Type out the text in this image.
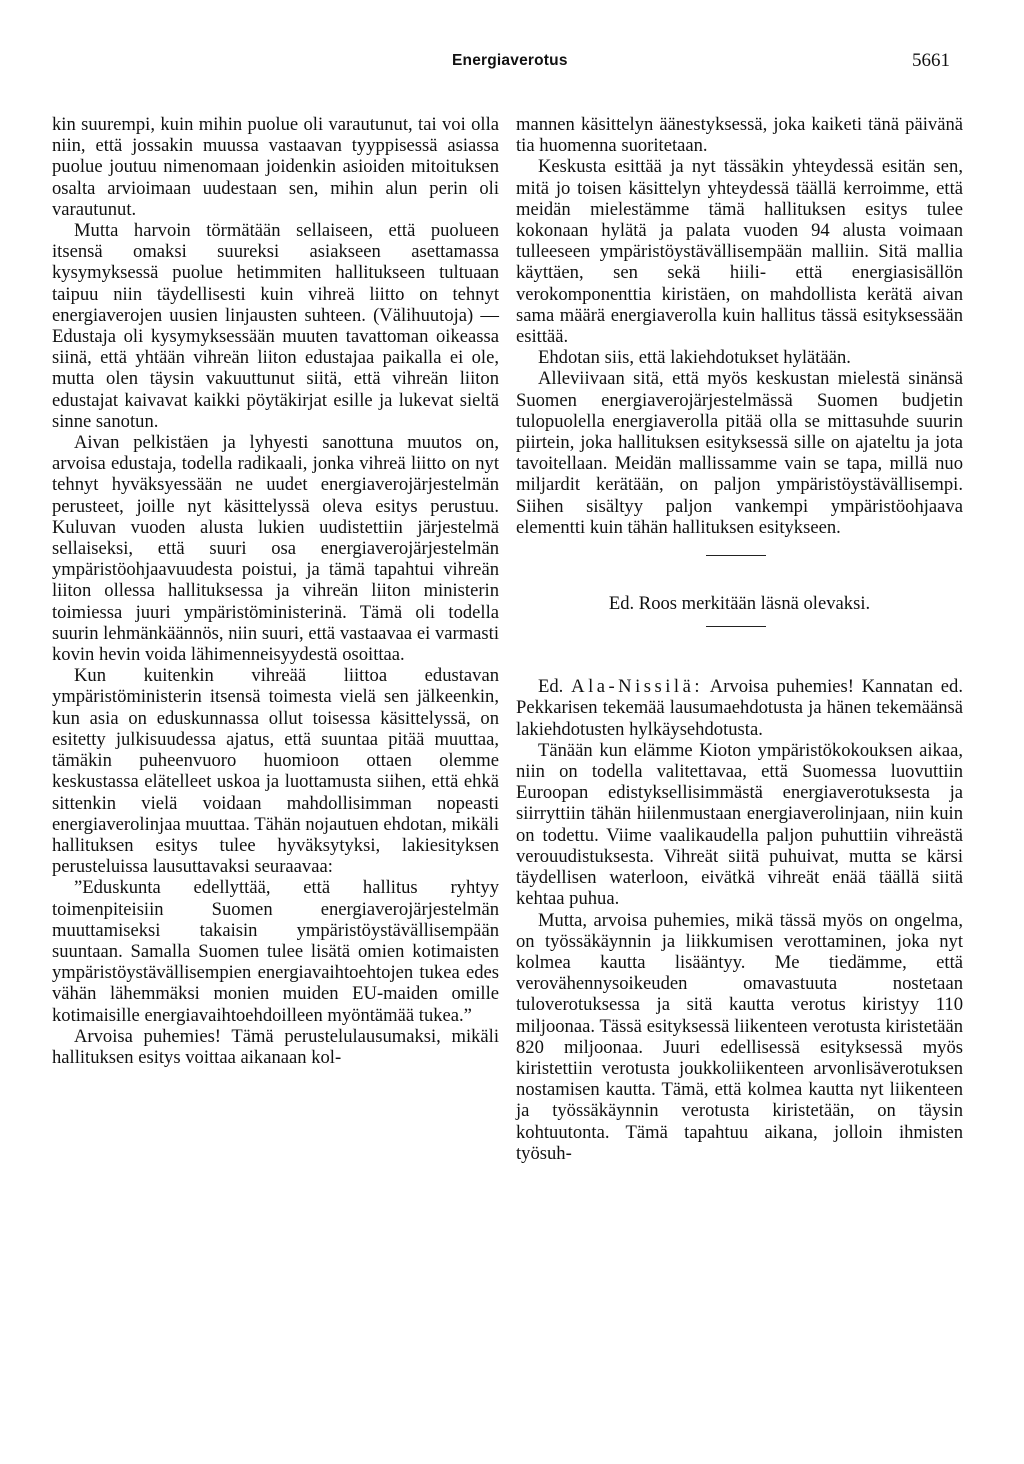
Energiaverotus	5661

kin suurempi, kuin mihin puolue oli varautunut, tai voi olla niin, että jossakin muussa vastaavan tyyppisessä asiassa puolue joutuu nimenomaan joidenkin asioiden mitoituksen osalta arvioimaan uudestaan sen, mihin alun perin oli varautunut.

Mutta harvoin törmätään sellaiseen, että puolueen itsensä omaksi suureksi asiakseen asettamassa kysymyksessä puolue hetimmiten hallitukseen tultuaan taipuu niin täydellisesti kuin vihreä liitto on tehnyt energiaverojen uusien linjausten suhteen. (Välihuutoja) — Edustaja oli kysymyksessään muuten tavattoman oikeassa siinä, että yhtään vihreän liiton edustajaa paikalla ei ole, mutta olen täysin vakuuttunut siitä, että vihreän liiton edustajat kaivavat kaikki pöytäkirjat esille ja lukevat sieltä sinne sanotun.

Aivan pelkistäen ja lyhyesti sanottuna muutos on, arvoisa edustaja, todella radikaali, jonka vihreä liitto on nyt tehnyt hyväksyessään ne uudet energiaverojärjestelmän perusteet, joille nyt käsittelyssä oleva esitys perustuu. Kuluvan vuoden alusta lukien uudistettiin järjestelmä sellaiseksi, että suuri osa energiaverojärjestelmän ympäristöohjaavuudesta poistui, ja tämä tapahtui vihreän liiton ollessa hallituksessa ja vihreän liiton ministerin toimiessa juuri ympäristöministerinä. Tämä oli todella suurin lehmänkäännös, niin suuri, että vastaavaa ei varmasti kovin hevin voida lähimenneisyydestä osoittaa.

Kun kuitenkin vihreää liittoa edustavan ympäristöministerin itsensä toimesta vielä sen jälkeenkin, kun asia on eduskunnassa ollut toisessa käsittelyssä, on esitetty julkisuudessa ajatus, että suuntaa pitää muuttaa, tämäkin puheenvuoro huomioon ottaen olemme keskustassa elätelleet uskoa ja luottamusta siihen, että ehkä sittenkin vielä voidaan mahdollisimman nopeasti energiaverolinjaa muuttaa. Tähän nojautuen ehdotan, mikäli hallituksen esitys tulee hyväksytyksi, lakiesityksen perusteluissa lausuttavaksi seuraavaa:

”Eduskunta edellyttää, että hallitus ryhtyy toimenpiteisiin Suomen energiaverojärjestelmän muuttamiseksi takaisin ympäristöystävällisempään suuntaan. Samalla Suomen tulee lisätä omien kotimaisten ympäristöystävällisempien energiavaihtoehtojen tukea edes vähän lähemmäksi monien muiden EU-maiden omille kotimaisille energiavaihtoehdoilleen myöntämää tukea.”

Arvoisa puhemies! Tämä perustelulausumaksi, mikäli hallituksen esitys voittaa aikanaan kol-

mannen käsittelyn äänestyksessä, joka kaiketi tänä päivänä tia huomenna suoritetaan.

Keskusta esittää ja nyt tässäkin yhteydessä esitän sen, mitä jo toisen käsittelyn yhteydessä täällä kerroimme, että meidän mielestämme tämä hallituksen esitys tulee kokonaan hylätä ja palata vuoden 94 alusta voimaan tulleeseen ympäristöystävällisempään malliin. Sitä mallia käyttäen, sen sekä hiili- että energiasisällön verokomponenttia kiristäen, on mahdollista kerätä aivan sama määrä energiaverolla kuin hallitus tässä esityksessään esittää.

Ehdotan siis, että lakiehdotukset hylätään.

Alleviivaan sitä, että myös keskustan mielestä sinänsä Suomen energiaverojärjestelmässä Suomen budjetin tulopuolella energiaverolla pitää olla se mittasuhde suurin piirtein, joka hallituksen esityksessä sille on ajateltu ja jota tavoitellaan. Meidän mallissamme vain se tapa, millä nuo miljardit kerätään, on paljon ympäristöystävällisempi. Siihen sisältyy paljon vankempi ympäristöohjaava elementti kuin tähän hallituksen esitykseen.

Ed. Roos merkitään läsnä olevaksi.

Ed. Ala-Nissilä: Arvoisa puhemies! Kannatan ed. Pekkarisen tekemää lausumaehdotusta ja hänen tekemäänsä lakiehdotusten hylkäysehdotusta.

Tänään kun elämme Kioton ympäristökokouksen aikaa, niin on todella valitettavaa, että Suomessa luovuttiin Euroopan edistyksellisimmästä energiaverotuksesta ja siirryttiin tähän hiilenmustaan energiaverolinjaan, niin kuin on todettu. Viime vaalikaudella paljon puhuttiin vihreästä verouudistuksesta. Vihreät siitä puhuivat, mutta se kärsi täydellisen waterloon, eivätkä vihreät enää täällä siitä kehtaa puhua.

Mutta, arvoisa puhemies, mikä tässä myös on ongelma, on työssäkäynnin ja liikkumisen verottaminen, joka nyt kolmea kautta lisääntyy. Me tiedämme, että verovähennysoikeuden omavastuuta nostetaan tuloverotuksessa ja sitä kautta verotus kiristyy 110 miljoonaa. Tässä esityksessä liikenteen verotusta kiristetään 820 miljoonaa. Juuri edellisessä esityksessä myös kiristettiin verotusta joukkoliikenteen arvonlisäverotuksen nostamisen kautta. Tämä, että kolmea kautta nyt liikenteen ja työssäkäynnin verotusta kiristetään, on täysin kohtuutonta. Tämä tapahtuu aikana, jolloin ihmisten työsuh-
